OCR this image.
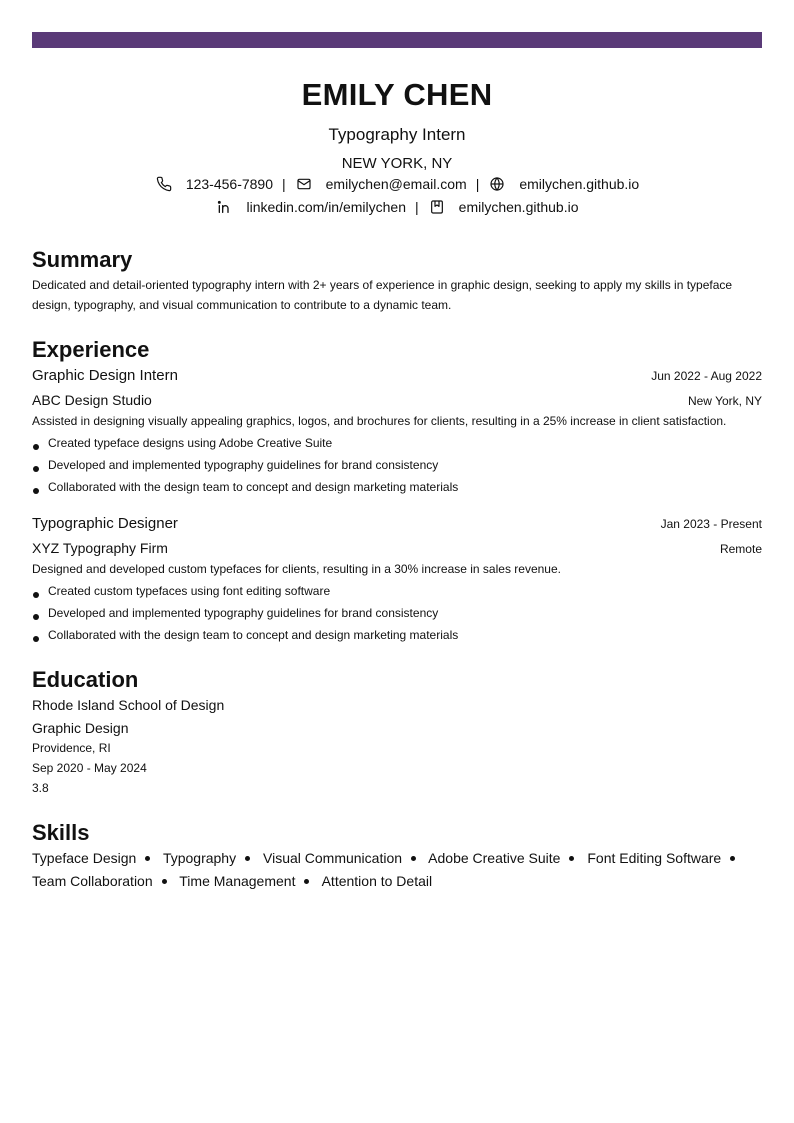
EMILY CHEN
Typography Intern
NEW YORK, NY
123-456-7890 |	emilychen@email.com |	emilychen.github.io
linkedin.com/in/emilychen |	emilychen.github.io
Summary
Dedicated and detail-oriented typography intern with 2+ years of experience in graphic design, seeking to apply my skills in typeface design, typography, and visual communication to contribute to a dynamic team.
Experience
Graphic Design Intern	Jun 2022 - Aug 2022
ABC Design Studio	New York, NY
Assisted in designing visually appealing graphics, logos, and brochures for clients, resulting in a 25% increase in client satisfaction.
Created typeface designs using Adobe Creative Suite
Developed and implemented typography guidelines for brand consistency
Collaborated with the design team to concept and design marketing materials
Typographic Designer	Jan 2023 - Present
XYZ Typography Firm	Remote
Designed and developed custom typefaces for clients, resulting in a 30% increase in sales revenue.
Created custom typefaces using font editing software
Developed and implemented typography guidelines for brand consistency
Collaborated with the design team to concept and design marketing materials
Education
Rhode Island School of Design
Graphic Design
Providence, RI
Sep 2020 - May 2024
3.8
Skills
Typeface Design Typography Visual Communication Adobe Creative Suite Font Editing Software Team Collaboration Time Management Attention to Detail
